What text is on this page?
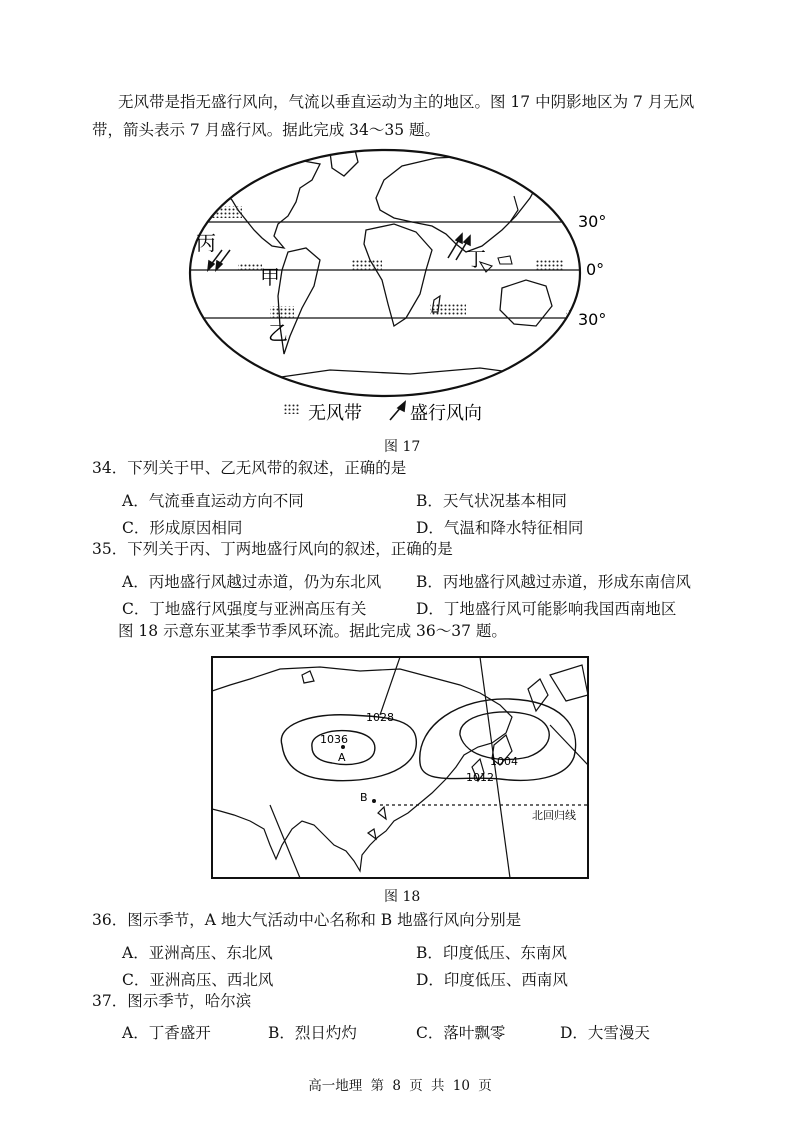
无风带是指无盛行风向，气流以垂直运动为主的地区。图 17 中阴影地区为 7 月无风
带，箭头表示 7 月盛行风。据此完成 34～35 题。
30°
0°
30°
丙
甲
乙
丁
无风带	盛行风向
图 17
34．下列关于甲、乙无风带的叙述，正确的是
A．气流垂直运动方向不同	B．天气状况基本相同
C．形成原因相同	D．气温和降水特征相同
35．下列关于丙、丁两地盛行风向的叙述，正确的是
A．丙地盛行风越过赤道，仍为东北风 B．丙地盛行风越过赤道，形成东南信风
C．丁地盛行风强度与亚洲高压有关	D．丁地盛行风可能影响我国西南地区
图 18 示意东亚某季节季风环流。据此完成 36～37 题。
1028
1036
A	1004
1012
B
北回归线
图 18
36．图示季节，A 地大气活动中心名称和 B 地盛行风向分别是
A．亚洲高压、东北风	B．印度低压、东南风
C．亚洲高压、西北风	D．印度低压、西南风
37．图示季节，哈尔滨
A．丁香盛开	B．烈日灼灼	C．落叶飘零	D．大雪漫天
高一地理 第 8 页 共 10 页
